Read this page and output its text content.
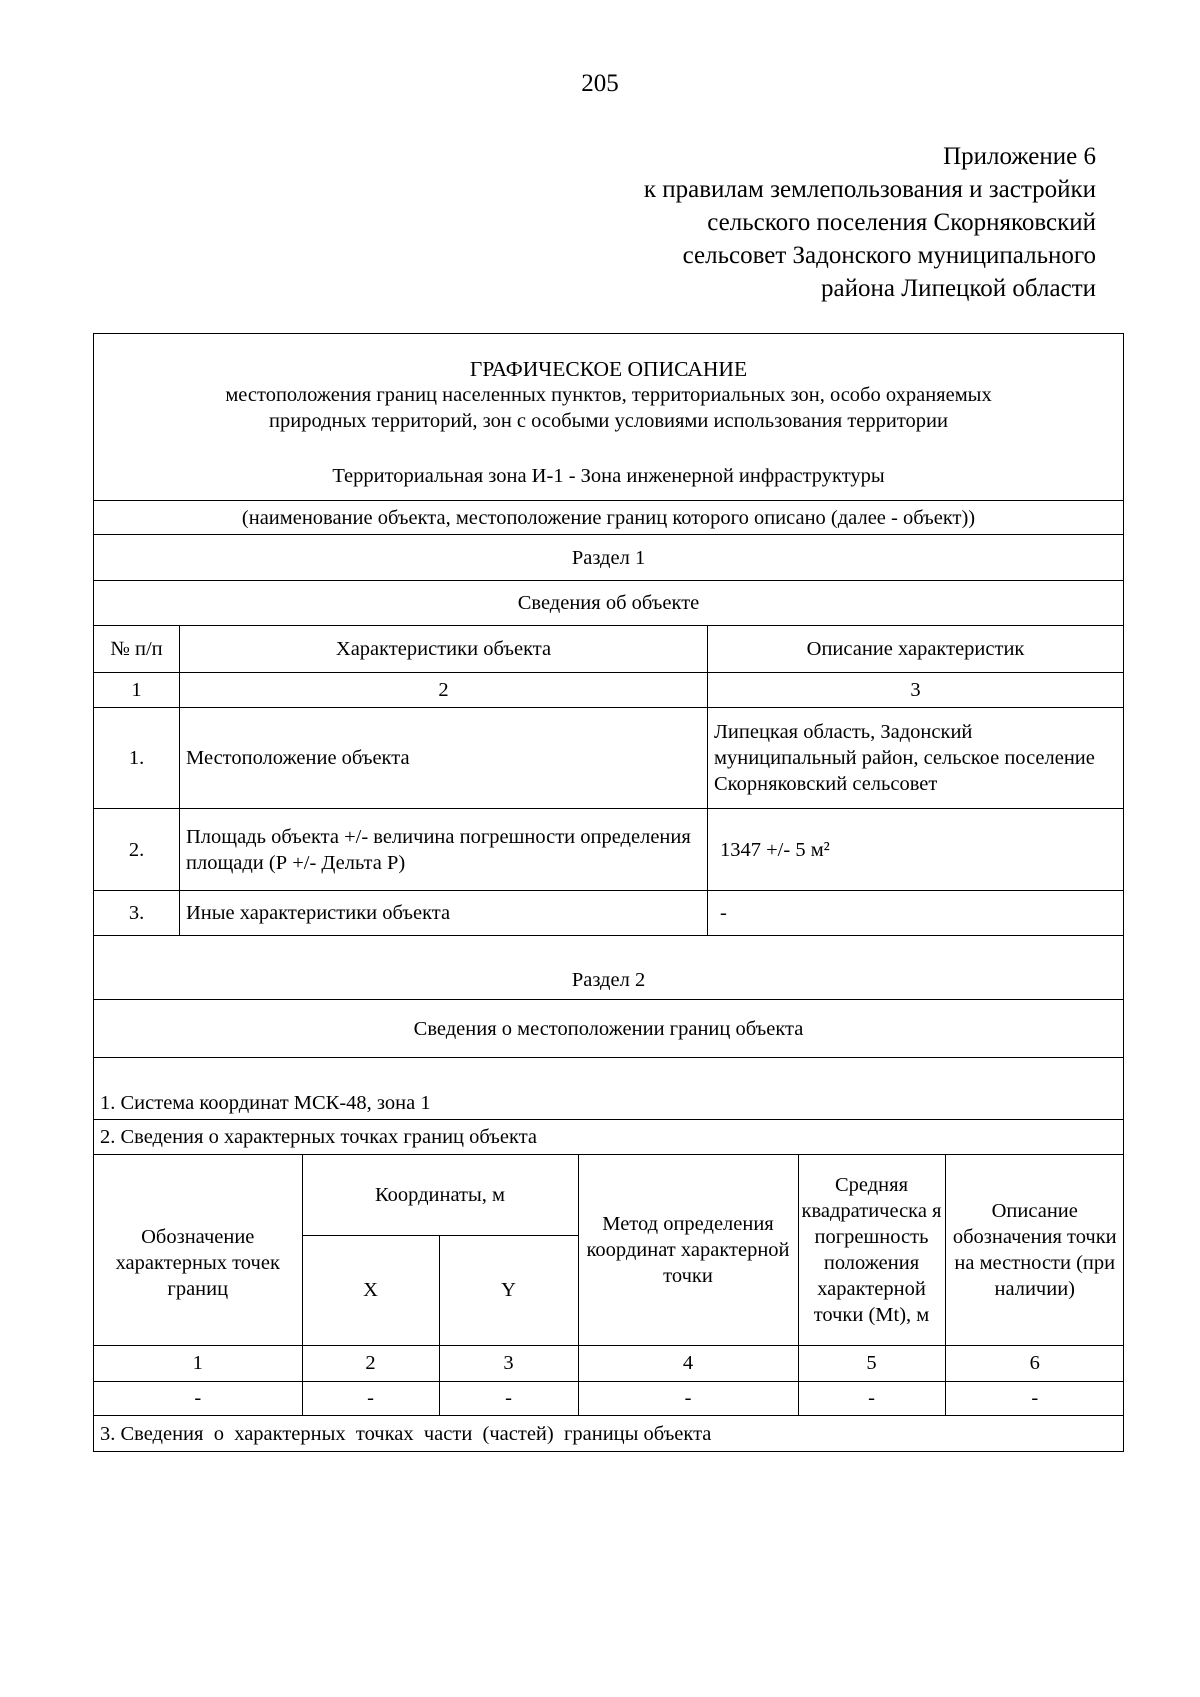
205
Приложение 6
к правилам землепользования и застройки
сельского поселения Скорняковский
сельсовет Задонского муниципального
района Липецкой области
ГРАФИЧЕСКОЕ ОПИСАНИЕ
местоположения границ населенных пунктов, территориальных зон, особо охраняемых
природных территорий, зон с особыми условиями использования территории
Территориальная зона И-1 - Зона инженерной инфраструктуры

(наименование объекта, местоположение границ которого описано (далее - объект))
Раздел 1
Сведения об объекте
№ п/п	Характеристики объекта	Описание характеристик
1	2	3
1.	Местоположение объекта	Липецкая область, Задонский муниципальный район, сельское поселение Скорняковский сельсовет
2.	Площадь объекта +/- величина погрешности определения площади (Р +/- Дельта Р)	1347 +/- 5 м²
3.	Иные характеристики объекта	-
Раздел 2
Сведения о местоположении границ объекта
1. Система координат МСК-48, зона 1
2. Сведения о характерных точках границ объекта

Обозначение характерных точек границ	Координаты, м	Метод определения координат характерной точки	Средняя квадратическа я погрешность положения характерной точки (Mt), м	Описание обозначения точки на местности (при наличии)
X	Y
1	2	3	4	5	6
-	-	-	-	-	-

3. Сведения  о  характерных  точках  части  (частей)  границы объекта
